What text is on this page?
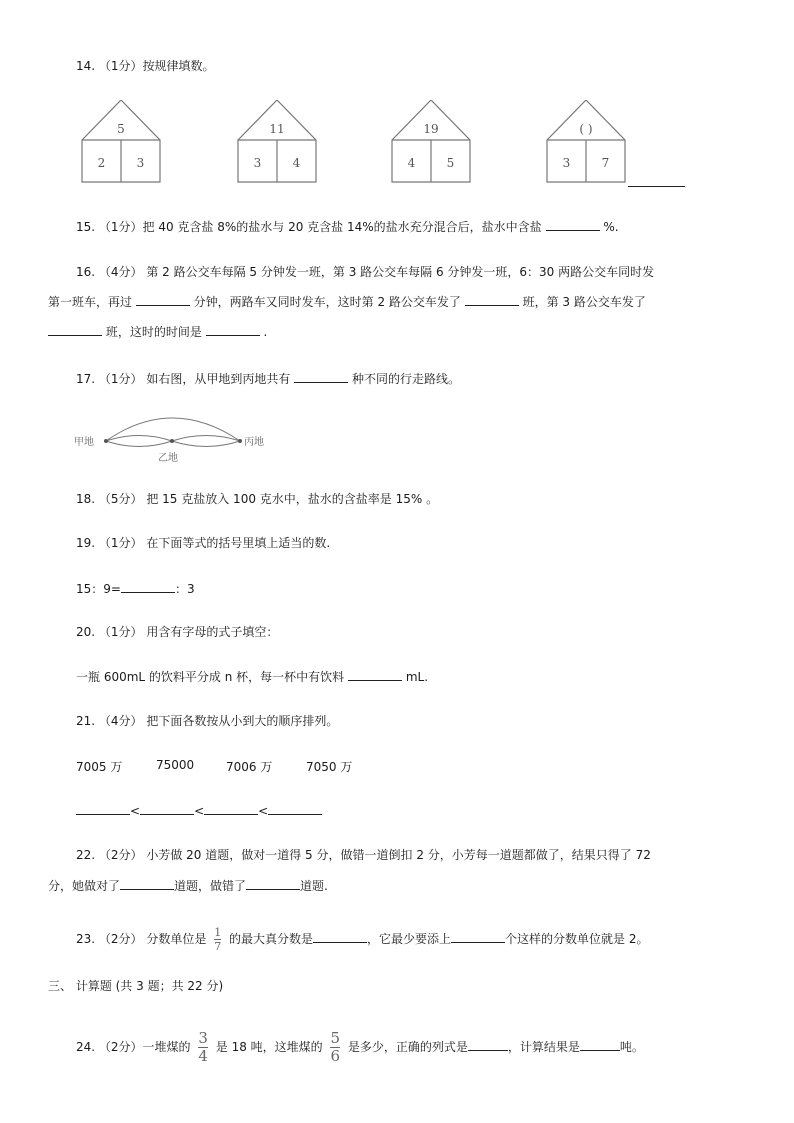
14. （1分）按规律填数。
5
2	3
11
3	4
19
4	5
( )
3	7
15. （1分）把 40 克含盐 8%的盐水与 20 克含盐 14%的盐水充分混合后，盐水中含盐	%.
16. （4分） 第 2 路公交车每隔 5 分钟发一班，第 3 路公交车每隔 6 分钟发一班，6：30 两路公交车同时发
第一班车，再过	分钟，两路车又同时发车，这时第 2 路公交车发了	班，第 3 路公交车发了
班，这时的时间是	.
17. （1分） 如右图，从甲地到丙地共有	种不同的行走路线。
甲地
乙地
丙地
18. （5分） 把 15 克盐放入 100 克水中，盐水的含盐率是 15% 。
19. （1分） 在下面等式的括号里填上适当的数.
15：9=	：3
20. （1分） 用含有字母的式子填空：
一瓶 600mL 的饮料平分成 n 杯，每一杯中有饮料	mL.
21. （4分） 把下面各数按从小到大的顺序排列。
7005 万	75000	7006 万	7050 万
<	<	<
22. （2分） 小芳做 20 道题，做对一道得 5 分，做错一道倒扣 2 分，小芳每一道题都做了，结果只得了 72
分，她做对了	道题，做错了	道题.
23. （2分） 分数单位是 $\frac{1}{7}$ 的最大真分数是	，它最少要添上	个这样的分数单位就是 2。
三、 计算题 (共 3 题；共 22 分)
24. （2分）一堆煤的 $\frac{3}{4}$ 是 18 吨，这堆煤的 $\frac{5}{6}$ 是多少，正确的列式是	，计算结果是	吨。
